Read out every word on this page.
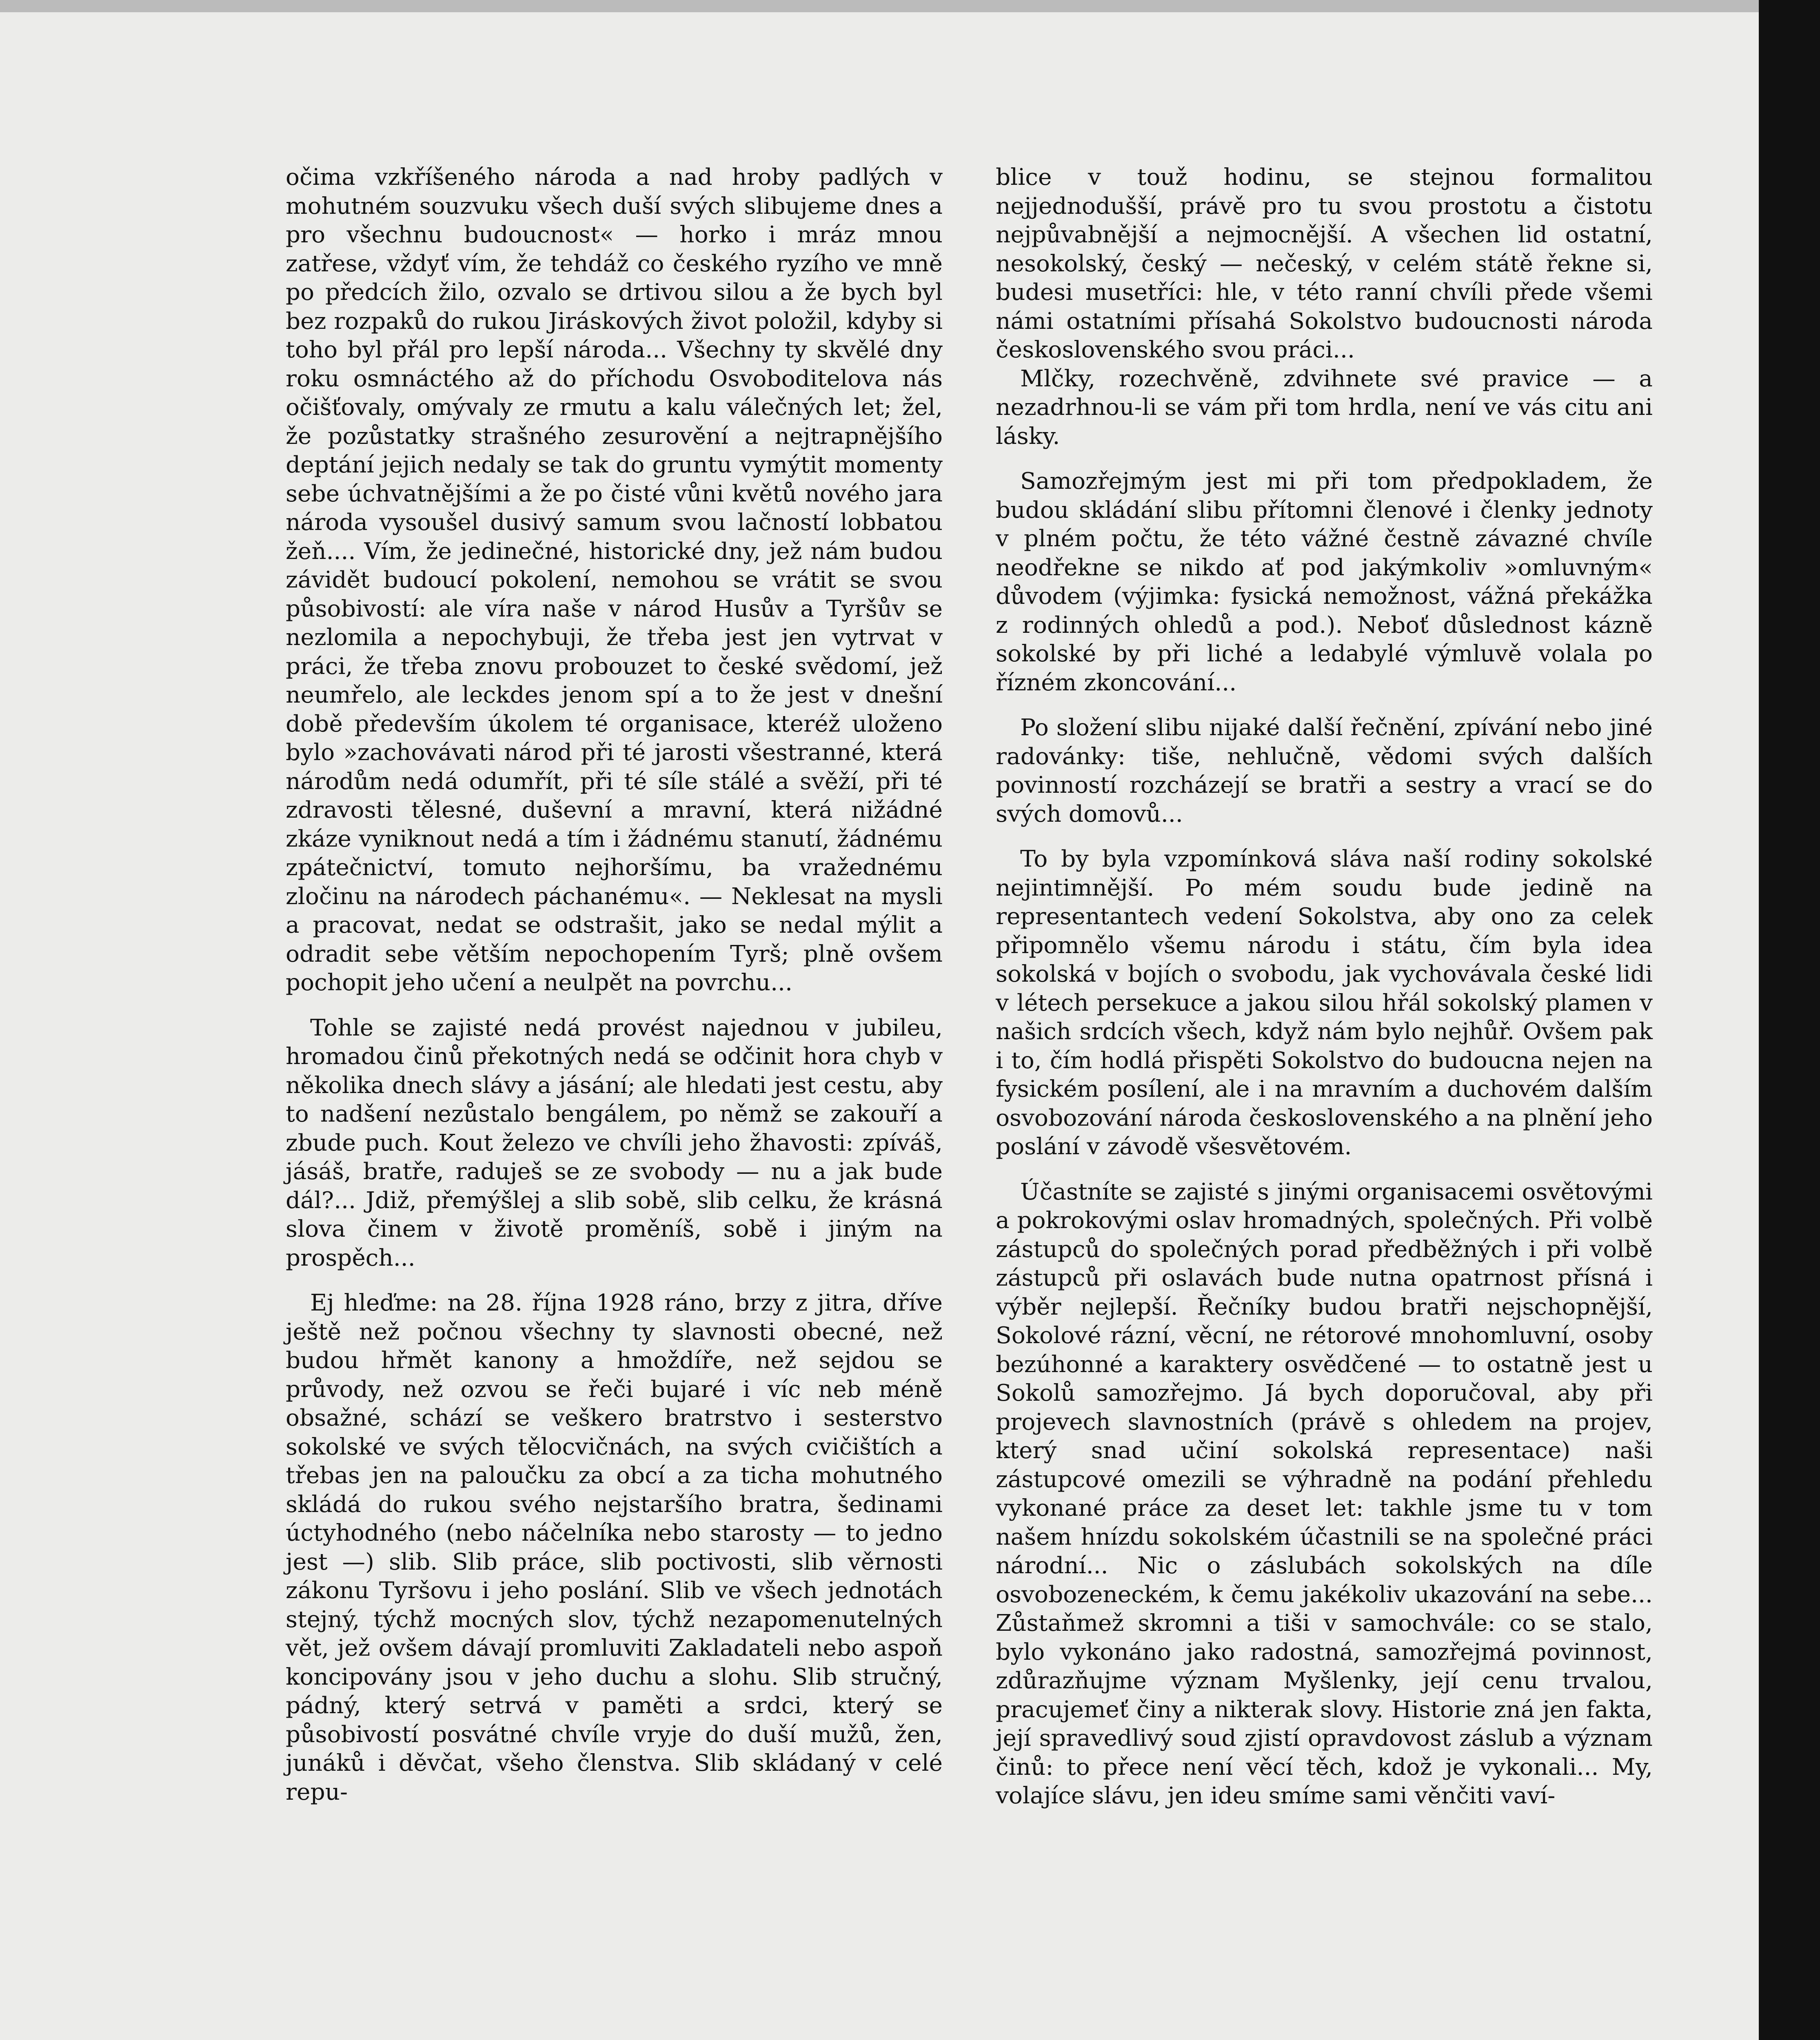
očima vzkříšeného národa a nad hroby padlých v mohutném souzvuku všech duší svých slibujeme dnes a pro všechnu budoucnost« — horko i mráz mnou zatřese, vždyť vím, že tehdáž co českého ryzího ve mně po předcích žilo, ozvalo se drtivou silou a že bych byl bez rozpaků do rukou Jiráskových život položil, kdyby si toho byl přál pro lepší národa... Všechny ty skvělé dny roku osmnáctého až do příchodu Osvoboditelova nás očišťovaly, omývaly ze rmutu a kalu válečných let; žel, že pozůstatky strašného zesurovění a nejtrapnějšího deptání jejich nedaly se tak do gruntu vymýtit momenty sebe úchvatnějšími a že po čisté vůni květů nového jara národa vysoušel dusivý samum svou lačností lobbatou žeň.... Vím, že jedinečné, historické dny, jež nám budou závidět budoucí pokolení, nemohou se vrátit se svou působivostí: ale víra naše v národ Husův a Tyršův se nezlomila a nepochybuji, že třeba jest jen vytrvat v práci, že třeba znovu probouzet to české svědomí, jež neumřelo, ale leckdes jenom spí a to že jest v dnešní době především úkolem té organisace, kteréž uloženo bylo »zachovávati národ při té jarosti všestranné, která národům nedá odumřít, při té síle stálé a svěží, při té zdravosti tělesné, duševní a mravní, která nižádné zkáze vyniknout nedá a tím i žádnému stanutí, žádnému zpátečnictví, tomuto nejhoršímu, ba vražednému zločinu na národech páchanému«. — Neklesat na mysli a pracovat, nedat se odstrašit, jako se nedal mýlit a odradit sebe větším nepochopením Tyrš; plně ovšem pochopit jeho učení a neulpět na povrchu...

Tohle se zajisté nedá provést najednou v jubileu, hromadou činů překotných nedá se odčinit hora chyb v několika dnech slávy a jásání; ale hledati jest cestu, aby to nadšení nezůstalo bengálem, po němž se zakouří a zbude puch. Kout železo ve chvíli jeho žhavosti: zpíváš, jásáš, bratře, raduješ se ze svobody — nu a jak bude dál?... Jdiž, přemýšlej a slib sobě, slib celku, že krásná slova činem v životě proměníš, sobě i jiným na prospěch...

Ej hleďme: na 28. října 1928 ráno, brzy z jitra, dříve ještě než počnou všechny ty slavnosti obecné, než budou hřmět kanony a hmoždíře, než sejdou se průvody, než ozvou se řeči bujaré i víc neb méně obsažné, schází se veškero bratrstvo i sesterstvo sokolské ve svých tělocvičnách, na svých cvičištích a třebas jen na paloučku za obcí a za ticha mohutného skládá do rukou svého nejstaršího bratra, šedinami úctyhodného (nebo náčelníka nebo starosty — to jedno jest —) slib. Slib práce, slib poctivosti, slib věrnosti zákonu Tyršovu i jeho poslání. Slib ve všech jednotách stejný, týchž mocných slov, týchž nezapomenutelných vět, jež ovšem dávají promluviti Zakladateli nebo aspoň koncipovány jsou v jeho duchu a slohu. Slib stručný, pádný, který setrvá v paměti a srdci, který se působivostí posvátné chvíle vryje do duší mužů, žen, junáků i děvčat, všeho členstva. Slib skládaný v celé repu-

blice v touž hodinu, se stejnou formalitou nejjednodušší, právě pro tu svou prostotu a čistotu nejpůvabnější a nejmocnější. A všechen lid ostatní, nesokolský, český — nečeský, v celém státě řekne si, budesi musetříci: hle, v této ranní chvíli přede všemi námi ostatními přísahá Sokolstvo budoucnosti národa československého svou práci...

Mlčky, rozechvěně, zdvihnete své pravice — a nezadrhnou-li se vám při tom hrdla, není ve vás citu ani lásky.

Samozřejmým jest mi při tom předpokladem, že budou skládání slibu přítomni členové i členky jednoty v plném počtu, že této vážné čestně závazné chvíle neodřekne se nikdo ať pod jakýmkoliv »omluvným« důvodem (výjimka: fysická nemožnost, vážná překážka z rodinných ohledů a pod.). Neboť důslednost kázně sokolské by při liché a ledabylé výmluvě volala po řízném zkoncování...

Po složení slibu nijaké další řečnění, zpívání nebo jiné radovánky: tiše, nehlučně, vědomi svých dalších povinností rozcházejí se bratři a sestry a vrací se do svých domovů...

To by byla vzpomínková sláva naší rodiny sokolské nejintimnější. Po mém soudu bude jedině na representantech vedení Sokolstva, aby ono za celek připomnělo všemu národu i státu, čím byla idea sokolská v bojích o svobodu, jak vychovávala české lidi v létech persekuce a jakou silou hřál sokolský plamen v našich srdcích všech, když nám bylo nejhůř. Ovšem pak i to, čím hodlá přispěti Sokolstvo do budoucna nejen na fysickém posílení, ale i na mravním a duchovém dalším osvobozování národa československého a na plnění jeho poslání v závodě všesvětovém.

Účastníte se zajisté s jinými organisacemi osvětovými a pokrokovými oslav hromadných, společných. Při volbě zástupců do společných porad předběžných i při volbě zástupců při oslavách bude nutna opatrnost přísná i výběr nejlepší. Řečníky budou bratři nejschopnější, Sokolové rázní, věcní, ne rétorové mnohomluvní, osoby bezúhonné a karaktery osvědčené — to ostatně jest u Sokolů samozřejmo. Já bych doporučoval, aby při projevech slavnostních (právě s ohledem na projev, který snad učiní sokolská representace) naši zástupcové omezili se výhradně na podání přehledu vykonané práce za deset let: takhle jsme tu v tom našem hnízdu sokolském účastnili se na společné práci národní... Nic o záslubách sokolských na díle osvobozeneckém, k čemu jakékoliv ukazování na sebe... Zůstaňmež skromni a tiši v samochvále: co se stalo, bylo vykonáno jako radostná, samozřejmá povinnost, zdůrazňujme význam Myšlenky, její cenu trvalou, pracujemeť činy a nikterak slovy. Historie zná jen fakta, její spravedlivý soud zjistí opravdovost záslub a význam činů: to přece není věcí těch, kdož je vykonali... My, volajíce slávu, jen ideu smíme sami věnčiti vaví-
